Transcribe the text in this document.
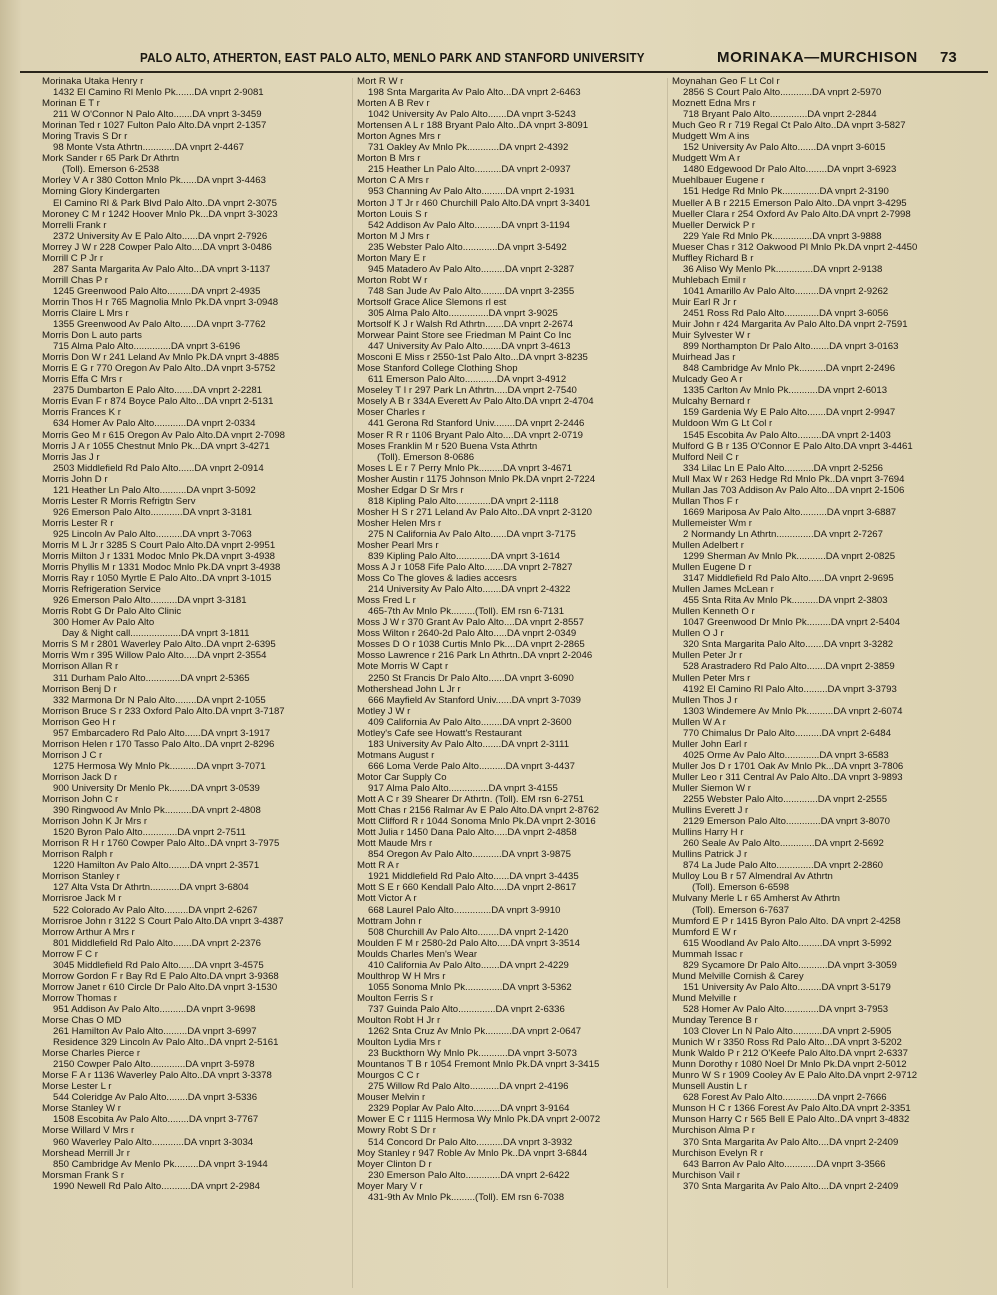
PALO ALTO, ATHERTON, EAST PALO ALTO, MENLO PARK AND STANFORD UNIVERSITY	MORINAKA—MURCHISON 73
Morinaka Utaka Henry r
1432 El Camino Rl Menlo Pk.......DA vnprt 2-9081
Morinan E T r
211 W O'Connor N Palo Alto.......DA vnprt 3-3459
Morinan Ted r 1027 Fulton Palo Alto.DA vnprt 2-1357
Moring Travis S Dr r
98 Monte Vsta Athrtn............DA vnprt 2-4467
Mork Sander r 65 Park Dr Athrtn
(Toll). Emerson 6-2538
Morley V A r 380 Cotton Mnlo Pk......DA vnprt 3-4463
Morning Glory Kindergarten
El Camino Rl & Park Blvd Palo Alto..DA vnprt 2-3075
Moroney C M r 1242 Hoover Mnlo Pk...DA vnprt 3-3023
Morrelli Frank r
2372 University Av E Palo Alto......DA vnprt 2-7926
Morrey J W r 228 Cowper Palo Alto....DA vnprt 3-0486
Morrill C P Jr r
287 Santa Margarita Av Palo Alto...DA vnprt 3-1137
Morrill Chas P r
1245 Greenwood Palo Alto.........DA vnprt 2-4935
Morrin Thos H r 765 Magnolia Mnlo Pk.DA vnprt 3-0948
Morris Claire L Mrs r
1355 Greenwood Av Palo Alto......DA vnprt 3-7762
Morris Don L auto parts
715 Alma Palo Alto..............DA vnprt 3-6196
Morris Don W r 241 Leland Av Mnlo Pk.DA vnprt 3-4885
Morris E G r 770 Oregon Av Palo Alto..DA vnprt 3-5752
Morris Effa C Mrs r
2375 Dumbarton E Palo Alto.......DA vnprt 2-2281
Morris Evan F r 874 Boyce Palo Alto...DA vnprt 2-5131
Morris Frances K r
634 Homer Av Palo Alto............DA vnprt 2-0334
Morris Geo M r 615 Oregon Av Palo Alto.DA vnprt 2-7098
Morris J A r 1055 Chestnut Mnlo Pk...DA vnprt 3-4271
Morris Jas J r
2503 Middlefield Rd Palo Alto......DA vnprt 2-0914
Morris John D r
121 Heather Ln Palo Alto..........DA vnprt 3-5092
Morris Lester R Morris Refrigtn Serv
926 Emerson Palo Alto............DA vnprt 3-3181
Morris Lester R r
925 Lincoln Av Palo Alto..........DA vnprt 3-7063
Morris M L Jr r 3285 S Court Palo Alto.DA vnprt 2-9951
Morris Milton J r 1331 Modoc Mnlo Pk.DA vnprt 3-4938
Morris Phyllis M r 1331 Modoc Mnlo Pk.DA vnprt 3-4938
Morris Ray r 1050 Myrtle E Palo Alto..DA vnprt 3-1015
Morris Refrigeration Service
926 Emerson Palo Alto..........DA vnprt 3-3181
Morris Robt G Dr Palo Alto Clinic
300 Homer Av Palo Alto
Day & Night call...................DA vnprt 3-1811
Morris S M r 2801 Waverley Palo Alto..DA vnprt 2-6395
Morris Wm r 395 Willow Palo Alto.....DA vnprt 2-3554
Morrison Allan R r
311 Durham Palo Alto.............DA vnprt 2-5365
Morrison Benj D r
332 Marmona Dr N Palo Alto........DA vnprt 2-1055
Morrison Bruce S r 233 Oxford Palo Alto.DA vnprt 3-7187
Morrison Geo H r
957 Embarcadero Rd Palo Alto......DA vnprt 3-1917
Morrison Helen r 170 Tasso Palo Alto..DA vnprt 2-8296
Morrison J C r
1275 Hermosa Wy Mnlo Pk..........DA vnprt 3-7071
Morrison Jack D r
900 University Dr Menlo Pk........DA vnprt 3-0539
Morrison John C r
390 Ringwood Av Mnlo Pk..........DA vnprt 2-4808
Morrison John K Jr Mrs r
1520 Byron Palo Alto.............DA vnprt 2-7511
Morrison R H r 1760 Cowper Palo Alto..DA vnprt 3-7975
Morrison Ralph r
1220 Hamilton Av Palo Alto........DA vnprt 2-3571
Morrison Stanley r
127 Alta Vsta Dr Athrtn...........DA vnprt 3-6804
Morrisroe Jack M r
522 Colorado Av Palo Alto.........DA vnprt 2-6267
Morrisroe John r 3122 S Court Palo Alto.DA vnprt 3-4387
Morrow Arthur A Mrs r
801 Middlefield Rd Palo Alto.......DA vnprt 2-2376
Morrow F C r
3045 Middlefield Rd Palo Alto......DA vnprt 3-4575
Morrow Gordon F r Bay Rd E Palo Alto.DA vnprt 3-9368
Morrow Janet r 610 Circle Dr Palo Alto.DA vnprt 3-1530
Morrow Thomas r
951 Addison Av Palo Alto..........DA vnprt 3-9698
Morse Chas O MD
261 Hamilton Av Palo Alto.........DA vnprt 3-6997
Residence 329 Lincoln Av Palo Alto..DA vnprt 2-5161
Morse Charles Pierce r
2150 Cowper Palo Alto.............DA vnprt 3-5978
Morse F A r 1136 Waverley Palo Alto..DA vnprt 3-3378
Morse Lester L r
544 Coleridge Av Palo Alto........DA vnprt 3-5336
Morse Stanley W r
1508 Escobita Av Palo Alto........DA vnprt 3-7767
Morse Willard V Mrs r
960 Waverley Palo Alto............DA vnprt 3-3034
Morshead Merrill Jr r
850 Cambridge Av Menlo Pk.........DA vnprt 3-1944
Morsman Frank S r
1990 Newell Rd Palo Alto...........DA vnprt 2-2984
Mort R W r
198 Snta Margarita Av Palo Alto...DA vnprt 2-6463
Morten A B Rev r
1042 University Av Palo Alto.......DA vnprt 3-5243
Mortensen A L r 188 Bryant Palo Alto..DA vnprt 3-8091
Morton Agnes Mrs r
731 Oakley Av Mnlo Pk............DA vnprt 2-4392
Morton B Mrs r
215 Heather Ln Palo Alto..........DA vnprt 2-0937
Morton C A Mrs r
953 Channing Av Palo Alto.........DA vnprt 2-1931
Morton J T Jr r 460 Churchill Palo Alto.DA vnprt 3-3401
Morton Louis S r
542 Addison Av Palo Alto..........DA vnprt 3-1194
Morton M J Mrs r
235 Webster Palo Alto.............DA vnprt 3-5492
Morton Mary E r
945 Matadero Av Palo Alto.........DA vnprt 2-3287
Morton Robt W r
748 San Jude Av Palo Alto.........DA vnprt 3-2355
Mortsolf Grace Alice Slemons rl est
305 Alma Palo Alto...............DA vnprt 3-9025
Mortsolf K J r Walsh Rd Athrtn.......DA vnprt 2-2674
Morwear Paint Store see Friedman M Paint Co Inc
447 University Av Palo Alto.......DA vnprt 3-4613
Mosconi E Miss r 2550-1st Palo Alto...DA vnprt 3-8235
Mose Stanford College Clothing Shop
611 Emerson Palo Alto............DA vnprt 3-4912
Moseley T I r 297 Park Ln Athrtn.....DA vnprt 2-7540
Mosely A B r 334A Everett Av Palo Alto.DA vnprt 2-4704
Moser Charles r
441 Gerona Rd Stanford Univ........DA vnprt 2-2446
Moser R R r 1106 Bryant Palo Alto....DA vnprt 2-0719
Moses Franklin M r 520 Buena Vsta Athrtn
(Toll). Emerson 8-0686
Moses L E r 7 Perry Mnlo Pk.........DA vnprt 3-4671
Mosher Austin r 1175 Johnson Mnlo Pk.DA vnprt 2-7224
Mosher Edgar D Sr Mrs r
818 Kipling Palo Alto.............DA vnprt 2-1118
Mosher H S r 271 Leland Av Palo Alto..DA vnprt 2-3120
Mosher Helen Mrs r
275 N California Av Palo Alto......DA vnprt 3-7175
Mosher Pearl Mrs r
839 Kipling Palo Alto.............DA vnprt 3-1614
Moss A J r 1058 Fife Palo Alto.......DA vnprt 2-7827
Moss Co The gloves & ladies accesrs
214 University Av Palo Alto.......DA vnprt 2-4322
Moss Fred L r
465-7th Av Mnlo Pk.........(Toll). EM rsn 6-7131
Moss J W r 370 Grant Av Palo Alto....DA vnprt 2-8557
Moss Wilton r 2640-2d Palo Alto.....DA vnprt 2-0349
Mosses D O r 1038 Curtis Mnlo Pk....DA vnprt 2-2865
Mosso Lawrence r 216 Park Ln Athrtn..DA vnprt 2-2046
Mote Morris W Capt r
2250 St Francis Dr Palo Alto......DA vnprt 3-6090
Mothershead John L Jr r
666 Mayfield Av Stanford Univ......DA vnprt 3-7039
Motley J W r
409 California Av Palo Alto........DA vnprt 2-3600
Motley's Cafe see Howatt's Restaurant
183 University Av Palo Alto.......DA vnprt 2-3111
Motmans August r
666 Loma Verde Palo Alto..........DA vnprt 3-4437
Motor Car Supply Co
917 Alma Palo Alto...............DA vnprt 3-4155
Mott A C r 39 Shearer Dr Athrtn. (Toll). EM rsn 6-2751
Mott Chas r 2156 Ralmar Av E Palo Alto.DA vnprt 2-8762
Mott Clifford R r 1044 Sonoma Mnlo Pk.DA vnprt 2-3016
Mott Julia r 1450 Dana Palo Alto.....DA vnprt 2-4858
Mott Maude Mrs r
854 Oregon Av Palo Alto...........DA vnprt 3-9875
Mott R A r
1921 Middlefield Rd Palo Alto......DA vnprt 3-4435
Mott S E r 660 Kendall Palo Alto.....DA vnprt 2-8617
Mott Victor A r
668 Laurel Palo Alto..............DA vnprt 3-9910
Mottram John r
508 Churchill Av Palo Alto........DA vnprt 2-1420
Moulden F M r 2580-2d Palo Alto.....DA vnprt 3-3514
Moulds Charles Men's Wear
410 California Av Palo Alto.......DA vnprt 2-4229
Moulthrop W H Mrs r
1055 Sonoma Mnlo Pk..............DA vnprt 3-5362
Moulton Ferris S r
737 Guinda Palo Alto..............DA vnprt 2-6336
Moulton Robt H Jr r
1262 Snta Cruz Av Mnlo Pk..........DA vnprt 2-0647
Moulton Lydia Mrs r
23 Buckthorn Wy Mnlo Pk...........DA vnprt 3-5073
Mountanos T B r 1054 Fremont Mnlo Pk.DA vnprt 3-3415
Mourgos C C r
275 Willow Rd Palo Alto...........DA vnprt 2-4196
Mouser Melvin r
2329 Poplar Av Palo Alto..........DA vnprt 3-9164
Mower E C r 1115 Hermosa Wy Mnlo Pk.DA vnprt 2-0072
Mowry Robt S Dr r
514 Concord Dr Palo Alto..........DA vnprt 3-3932
Moy Stanley r 947 Roble Av Mnlo Pk..DA vnprt 3-6844
Moyer Clinton D r
230 Emerson Palo Alto.............DA vnprt 2-6422
Moyer Mary V r
431-9th Av Mnlo Pk.........(Toll). EM rsn 6-7038
Moynahan Geo F Lt Col r
2856 S Court Palo Alto............DA vnprt 2-5970
Moznett Edna Mrs r
718 Bryant Palo Alto..............DA vnprt 2-2844
Much Geo R r 719 Regal Ct Palo Alto..DA vnprt 3-5827
Mudgett Wm A ins
152 University Av Palo Alto.......DA vnprt 3-6015
Mudgett Wm A r
1480 Edgewood Dr Palo Alto........DA vnprt 3-6923
Muehlbauer Eugene r
151 Hedge Rd Mnlo Pk..............DA vnprt 2-3190
Mueller A B r 2215 Emerson Palo Alto..DA vnprt 3-4295
Mueller Clara r 254 Oxford Av Palo Alto.DA vnprt 2-7998
Mueller Derwick P r
229 Yale Rd Mnlo Pk...............DA vnprt 3-9888
Mueser Chas r 312 Oakwood Pl Mnlo Pk.DA vnprt 2-4450
Muffley Richard B r
36 Aliso Wy Menlo Pk..............DA vnprt 2-9138
Muhlebach Emil r
1041 Amarillo Av Palo Alto.........DA vnprt 2-9262
Muir Earl R Jr r
2451 Ross Rd Palo Alto.............DA vnprt 3-6056
Muir John r 424 Margarita Av Palo Alto.DA vnprt 2-7591
Muir Sylvester W r
899 Northampton Dr Palo Alto.......DA vnprt 3-0163
Muirhead Jas r
848 Cambridge Av Mnlo Pk..........DA vnprt 2-2496
Mulcady Geo A r
1335 Carlton Av Mnlo Pk...........DA vnprt 2-6013
Mulcahy Bernard r
159 Gardenia Wy E Palo Alto.......DA vnprt 2-9947
Muldoon Wm G Lt Col r
1545 Escobita Av Palo Alto.........DA vnprt 2-1403
Mulford G B r 135 O'Connor E Palo Alto.DA vnprt 3-4461
Mulford Neil C r
334 Lilac Ln E Palo Alto...........DA vnprt 2-5256
Mull Max W r 263 Hedge Rd Mnlo Pk..DA vnprt 3-7694
Mullan Jas 703 Addison Av Palo Alto...DA vnprt 2-1506
Mullan Thos F r
1669 Mariposa Av Palo Alto..........DA vnprt 3-6887
Mullemeister Wm r
2 Normandy Ln Athrtn..............DA vnprt 2-7267
Mullen Adelbert r
1299 Sherman Av Mnlo Pk...........DA vnprt 2-0825
Mullen Eugene D r
3147 Middlefield Rd Palo Alto......DA vnprt 2-9695
Mullen James McLean r
455 Snta Rita Av Mnlo Pk..........DA vnprt 2-3803
Mullen Kenneth O r
1047 Greenwood Dr Mnlo Pk.........DA vnprt 2-5404
Mullen O J r
320 Snta Margarita Palo Alto.......DA vnprt 3-3282
Mullen Peter Jr r
528 Arastradero Rd Palo Alto.......DA vnprt 2-3859
Mullen Peter Mrs r
4192 El Camino Rl Palo Alto.........DA vnprt 3-3793
Mullen Thos J r
1303 Windemere Av Mnlo Pk..........DA vnprt 2-6074
Mullen W A r
770 Chimalus Dr Palo Alto..........DA vnprt 2-6484
Muller John Earl r
4025 Orme Av Palo Alto.............DA vnprt 3-6583
Muller Jos D r 1701 Oak Av Mnlo Pk...DA vnprt 3-7806
Muller Leo r 311 Central Av Palo Alto..DA vnprt 3-9893
Muller Siemon W r
2255 Webster Palo Alto.............DA vnprt 2-2555
Mullins Everett J r
2129 Emerson Palo Alto.............DA vnprt 3-8070
Mullins Harry H r
260 Seale Av Palo Alto.............DA vnprt 2-5692
Mullins Patrick J r
874 La Jude Palo Alto..............DA vnprt 2-2860
Mulloy Lou B r 57 Almendral Av Athrtn
(Toll). Emerson 6-6598
Mulvany Merle L r 65 Amherst Av Athrtn
(Toll). Emerson 6-7637
Mumford E P r 1415 Byron Palo Alto. DA vnprt 2-4258
Mumford E W r
615 Woodland Av Palo Alto.........DA vnprt 3-5992
Mummah Issac r
829 Sycamore Dr Palo Alto...........DA vnprt 3-3059
Mund Melville Cornish & Carey
151 University Av Palo Alto.........DA vnprt 3-5179
Mund Melville r
528 Homer Av Palo Alto.............DA vnprt 3-7953
Munday Terence B r
103 Clover Ln N Palo Alto...........DA vnprt 2-5905
Munich W r 3350 Ross Rd Palo Alto...DA vnprt 3-5202
Munk Waldo P r 212 O'Keefe Palo Alto.DA vnprt 2-6337
Munn Dorothy r 1080 Noel Dr Mnlo Pk.DA vnprt 2-5012
Munro W S r 1909 Cooley Av E Palo Alto.DA vnprt 2-9712
Munsell Austin L r
628 Forest Av Palo Alto.............DA vnprt 2-7666
Munson H C r 1366 Forest Av Palo Alto.DA vnprt 2-3351
Munson Harry C r 565 Bell E Palo Alto..DA vnprt 3-4832
Murchison Alma P r
370 Snta Margarita Av Palo Alto....DA vnprt 2-2409
Murchison Evelyn R r
643 Barron Av Palo Alto............DA vnprt 3-3566
Murchison Vail r
370 Snta Margarita Av Palo Alto....DA vnprt 2-2409
